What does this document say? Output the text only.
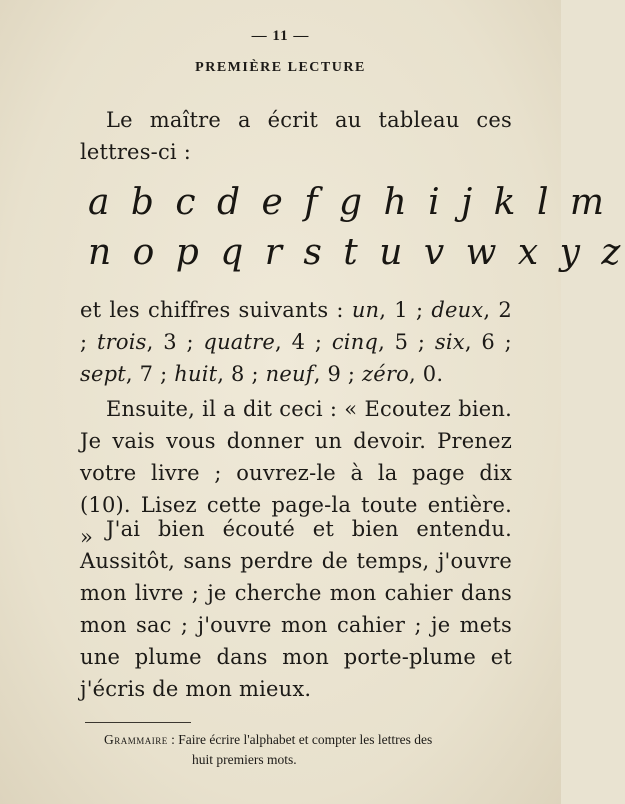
— 11 —
PREMIÈRE LECTURE
Le maître a écrit au tableau ces lettres-ci :
a b c d e f g h i j k l m
n o p q r s t u v w x y z
et les chiffres suivants : un, 1 ; deux, 2 ; trois, 3 ; quatre, 4 ; cinq, 5 ; six, 6 ; sept, 7 ; huit, 8 ; neuf, 9 ; zéro, 0.
Ensuite, il a dit ceci : « Ecoutez bien. Je vais vous donner un devoir. Prenez votre livre ; ouvrez-le à la page dix (10). Lisez cette page-la toute entière. » J'ai bien écouté et bien entendu. Aussitôt, sans perdre de temps, j'ouvre mon livre ; je cherche mon cahier dans mon sac ; j'ouvre mon cahier ; je mets une plume dans mon porte-plume et j'écris de mon mieux.
Grammaire : Faire écrire l'alphabet et compter les lettres des
huit premiers mots.
